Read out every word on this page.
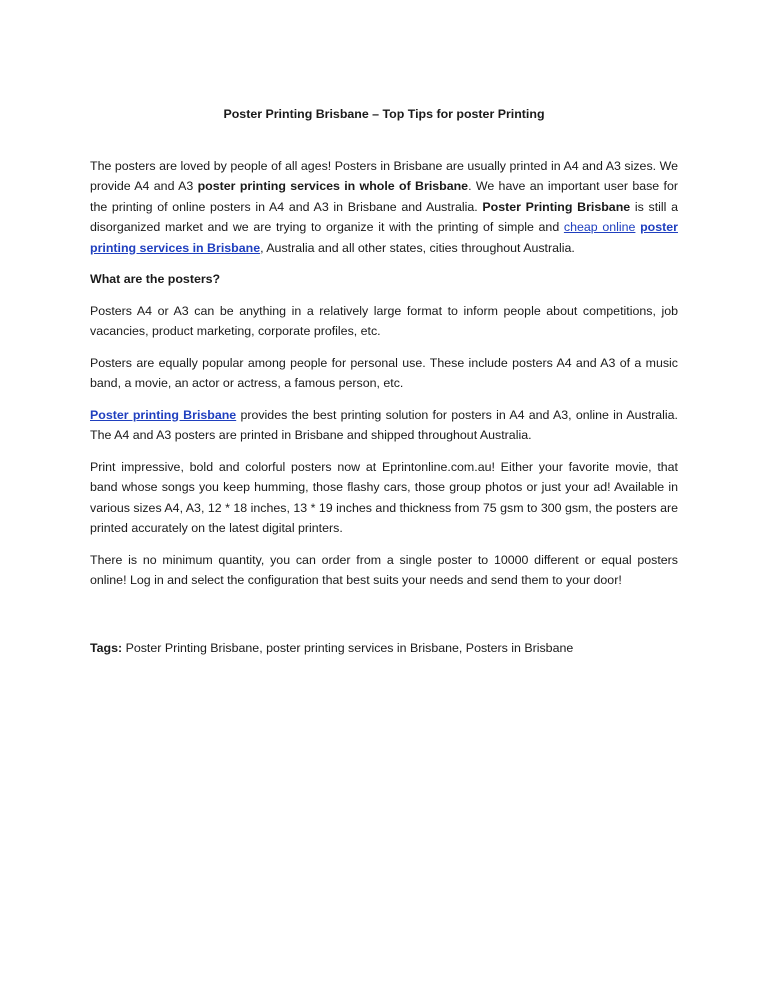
Poster Printing Brisbane – Top Tips for poster Printing

The posters are loved by people of all ages! Posters in Brisbane are usually printed in A4 and A3 sizes. We provide A4 and A3 poster printing services in whole of Brisbane. We have an important user base for the printing of online posters in A4 and A3 in Brisbane and Australia. Poster Printing Brisbane is still a disorganized market and we are trying to organize it with the printing of simple and cheap online poster printing services in Brisbane, Australia and all other states, cities throughout Australia.

What are the posters?

Posters A4 or A3 can be anything in a relatively large format to inform people about competitions, job vacancies, product marketing, corporate profiles, etc.

Posters are equally popular among people for personal use. These include posters A4 and A3 of a music band, a movie, an actor or actress, a famous person, etc.

Poster printing Brisbane provides the best printing solution for posters in A4 and A3, online in Australia. The A4 and A3 posters are printed in Brisbane and shipped throughout Australia.

Print impressive, bold and colorful posters now at Eprintonline.com.au! Either your favorite movie, that band whose songs you keep humming, those flashy cars, those group photos or just your ad! Available in various sizes A4, A3, 12 * 18 inches, 13 * 19 inches and thickness from 75 gsm to 300 gsm, the posters are printed accurately on the latest digital printers.

There is no minimum quantity, you can order from a single poster to 10000 different or equal posters online! Log in and select the configuration that best suits your needs and send them to your door!

Tags: Poster Printing Brisbane, poster printing services in Brisbane, Posters in Brisbane
